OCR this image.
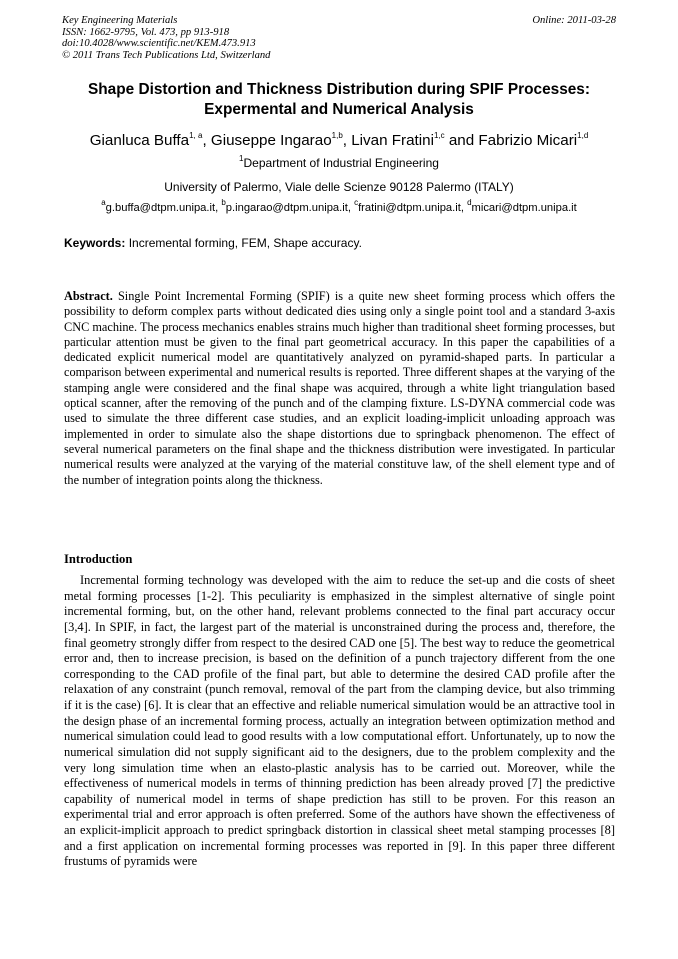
Key Engineering Materials
ISSN: 1662-9795, Vol. 473, pp 913-918
doi:10.4028/www.scientific.net/KEM.473.913
© 2011 Trans Tech Publications Ltd, Switzerland
Online: 2011-03-28
Shape Distortion and Thickness Distribution during SPIF Processes:
Expermental and Numerical Analysis
Gianluca Buffa$^{1, a}$, Giuseppe Ingarao$^{1,b}$, Livan Fratini$^{1,c}$ and Fabrizio Micari$^{1,d}$
$^1$Department of Industrial Engineering
University of Palermo, Viale delle Scienze 90128 Palermo (ITALY)
$^a$g.buffa@dtpm.unipa.it, $^b$p.ingarao@dtpm.unipa.it, $^c$fratini@dtpm.unipa.it, $^d$micari@dtpm.unipa.it
Keywords: Incremental forming, FEM, Shape accuracy.
Abstract. Single Point Incremental Forming (SPIF) is a quite new sheet forming process which offers the possibility to deform complex parts without dedicated dies using only a single point tool and a standard 3-axis CNC machine. The process mechanics enables strains much higher than traditional sheet forming processes, but particular attention must be given to the final part geometrical accuracy. In this paper the capabilities of a dedicated explicit numerical model are quantitatively analyzed on pyramid-shaped parts. In particular a comparison between experimental and numerical results is reported. Three different shapes at the varying of the stamping angle were considered and the final shape was acquired, through a white light triangulation based optical scanner, after the removing of the punch and of the clamping fixture. LS-DYNA commercial code was used to simulate the three different case studies, and an explicit loading-implicit unloading approach was implemented in order to simulate also the shape distortions due to springback phenomenon. The effect of several numerical parameters on the final shape and the thickness distribution were investigated. In particular numerical results were analyzed at the varying of the material constituve law, of the shell element type and of the number of integration points along the thickness.
Introduction
Incremental forming technology was developed with the aim to reduce the set-up and die costs of sheet metal forming processes [1-2]. This peculiarity is emphasized in the simplest alternative of single point incremental forming, but, on the other hand, relevant problems connected to the final part accuracy occur [3,4]. In SPIF, in fact, the largest part of the material is unconstrained during the process and, therefore, the final geometry strongly differ from respect to the desired CAD one [5]. The best way to reduce the geometrical error and, then to increase precision, is based on the definition of a punch trajectory different from the one corresponding to the CAD profile of the final part, but able to determine the desired CAD profile after the relaxation of any constraint (punch removal, removal of the part from the clamping device, but also trimming if it is the case) [6]. It is clear that an effective and reliable numerical simulation would be an attractive tool in the design phase of an incremental forming process, actually an integration between optimization method and numerical simulation could lead to good results with a low computational effort. Unfortunately, up to now the numerical simulation did not supply significant aid to the designers, due to the problem complexity and the very long simulation time when an elasto-plastic analysis has to be carried out. Moreover, while the effectiveness of numerical models in terms of thinning prediction has been already proved [7] the predictive capability of numerical model in terms of shape prediction has still to be proven. For this reason an experimental trial and error approach is often preferred. Some of the authors have shown the effectiveness of an explicit-implicit approach to predict springback distortion in classical sheet metal stamping processes [8] and a first application on incremental forming processes was reported in [9]. In this paper three different frustums of pyramids were
